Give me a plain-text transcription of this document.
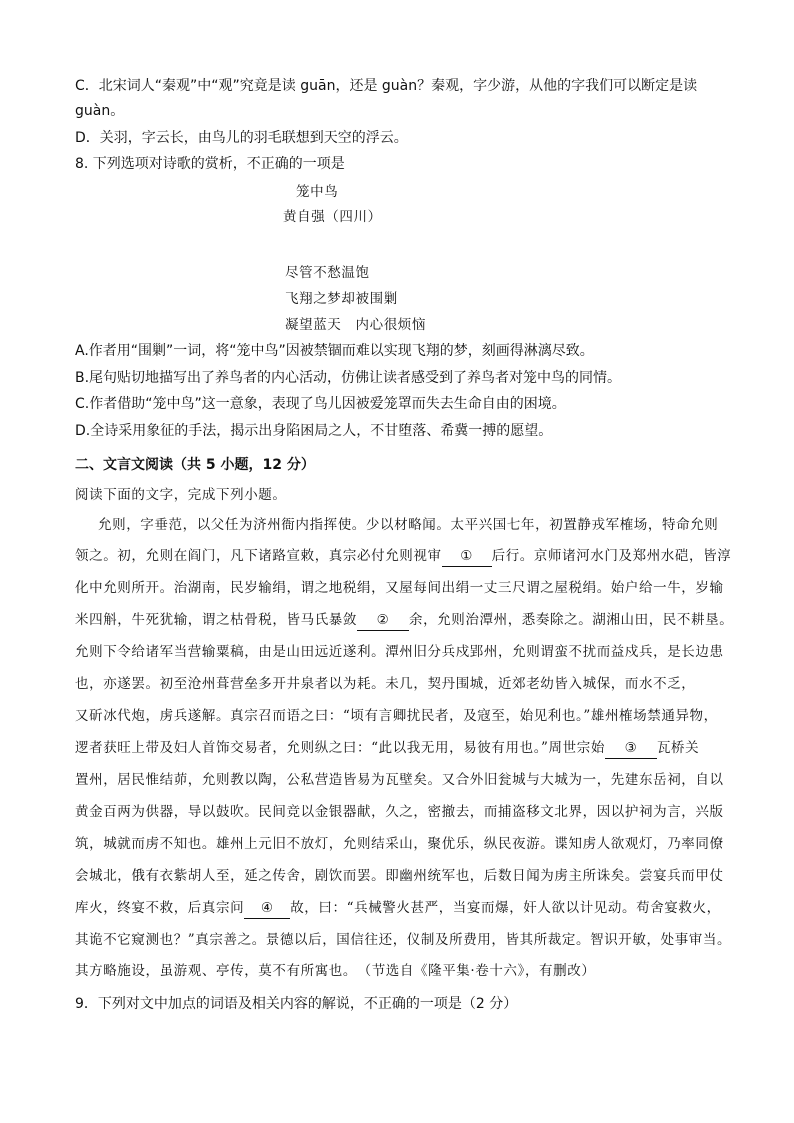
C．北宋词人“秦观”中“观”究竟是读 guān，还是 guàn？秦观，字少游，从他的字我们可以断定是读
guàn。
D．关羽，字云长，由鸟儿的羽毛联想到天空的浮云。
8. 下列选项对诗歌的赏析，不正确的一项是
笼中鸟
黄自强（四川）
尽管不愁温饱
飞翔之梦却被围剿
凝望蓝天　内心很烦恼
A.作者用“围剿”一词，将“笼中鸟”因被禁锢而难以实现飞翔的梦，刻画得淋漓尽致。
B.尾句贴切地描写出了养鸟者的内心活动，仿佛让读者感受到了养鸟者对笼中鸟的同情。
C.作者借助“笼中鸟”这一意象，表现了鸟儿因被爱笼罩而失去生命自由的困境。
D.全诗采用象征的手法，揭示出身陷困局之人，不甘堕落、希冀一搏的愿望。
二、文言文阅读（共 5 小题，12 分）
阅读下面的文字，完成下列小题。
允则，字垂范，以父任为济州衙内指挥使。少以材略闻。太平兴国七年，初置静戎军榷场，特命允则
领之。初，允则在阎门，凡下诸路宣敕，真宗必付允则视审 ① 后行。京师诸河水门及郑州水硙，皆淳
化中允则所开。治湖南，民岁输绢，谓之地税绢，又屋每间出绢一丈三尺谓之屋税绢。始户给一牛，岁输
米四斛，牛死犹输，谓之枯骨税，皆马氏暴敛 ② 余，允则治潭州，悉奏除之。湖湘山田，民不耕垦。
允则下令给诸军当营输粟稿，由是山田远近遂利。潭州旧分兵戍郢州，允则谓蛮不扰而益戍兵，是长边患
也，亦遂罢。初至沧州葺营垒多开井泉者以为耗。未几，契丹围城，近郊老幼皆入城保，而水不乏，
又斫冰代炮，虏兵遂解。真宗召而语之曰：“顷有言卿扰民者，及寇至，始见利也。”雄州榷场禁通异物，
逻者获旺上带及妇人首饰交易者，允则纵之曰：“此以我无用，易彼有用也。”周世宗始 ③ 瓦桥关
置州，居民惟结茆，允则教以陶，公私营造皆易为瓦壁矣。又合外旧瓮城与大城为一，先建东岳祠，自以
黄金百两为供器，导以鼓吹。民间竞以金银器献，久之，密撤去，而捕盗移文北界，因以护祠为言，兴版
筑，城就而虏不知也。雄州上元旧不放灯，允则结采山，聚优乐，纵民夜游。谍知虏人欲观灯，乃率同僚
会城北，俄有衣紫胡人至，延之传舍，剧饮而罢。即幽州统军也，后数日闻为虏主所诛矣。尝宴兵而甲仗
库火，终宴不救，后真宗问 ④ 故，曰：“兵械警火甚严，当宴而爆，奸人欲以计见动。苟舍宴救火，
其诡不它窥测也？”真宗善之。景德以后，国信往还，仪制及所费用，皆其所裁定。智识开敏，处事审当。
其方略施设，虽游观、亭传，莫不有所寓也。　（节选自《隆平集·卷十六》，有删改）
9．下列对文中加点的词语及相关内容的解说，不正确的一项是（2 分）
